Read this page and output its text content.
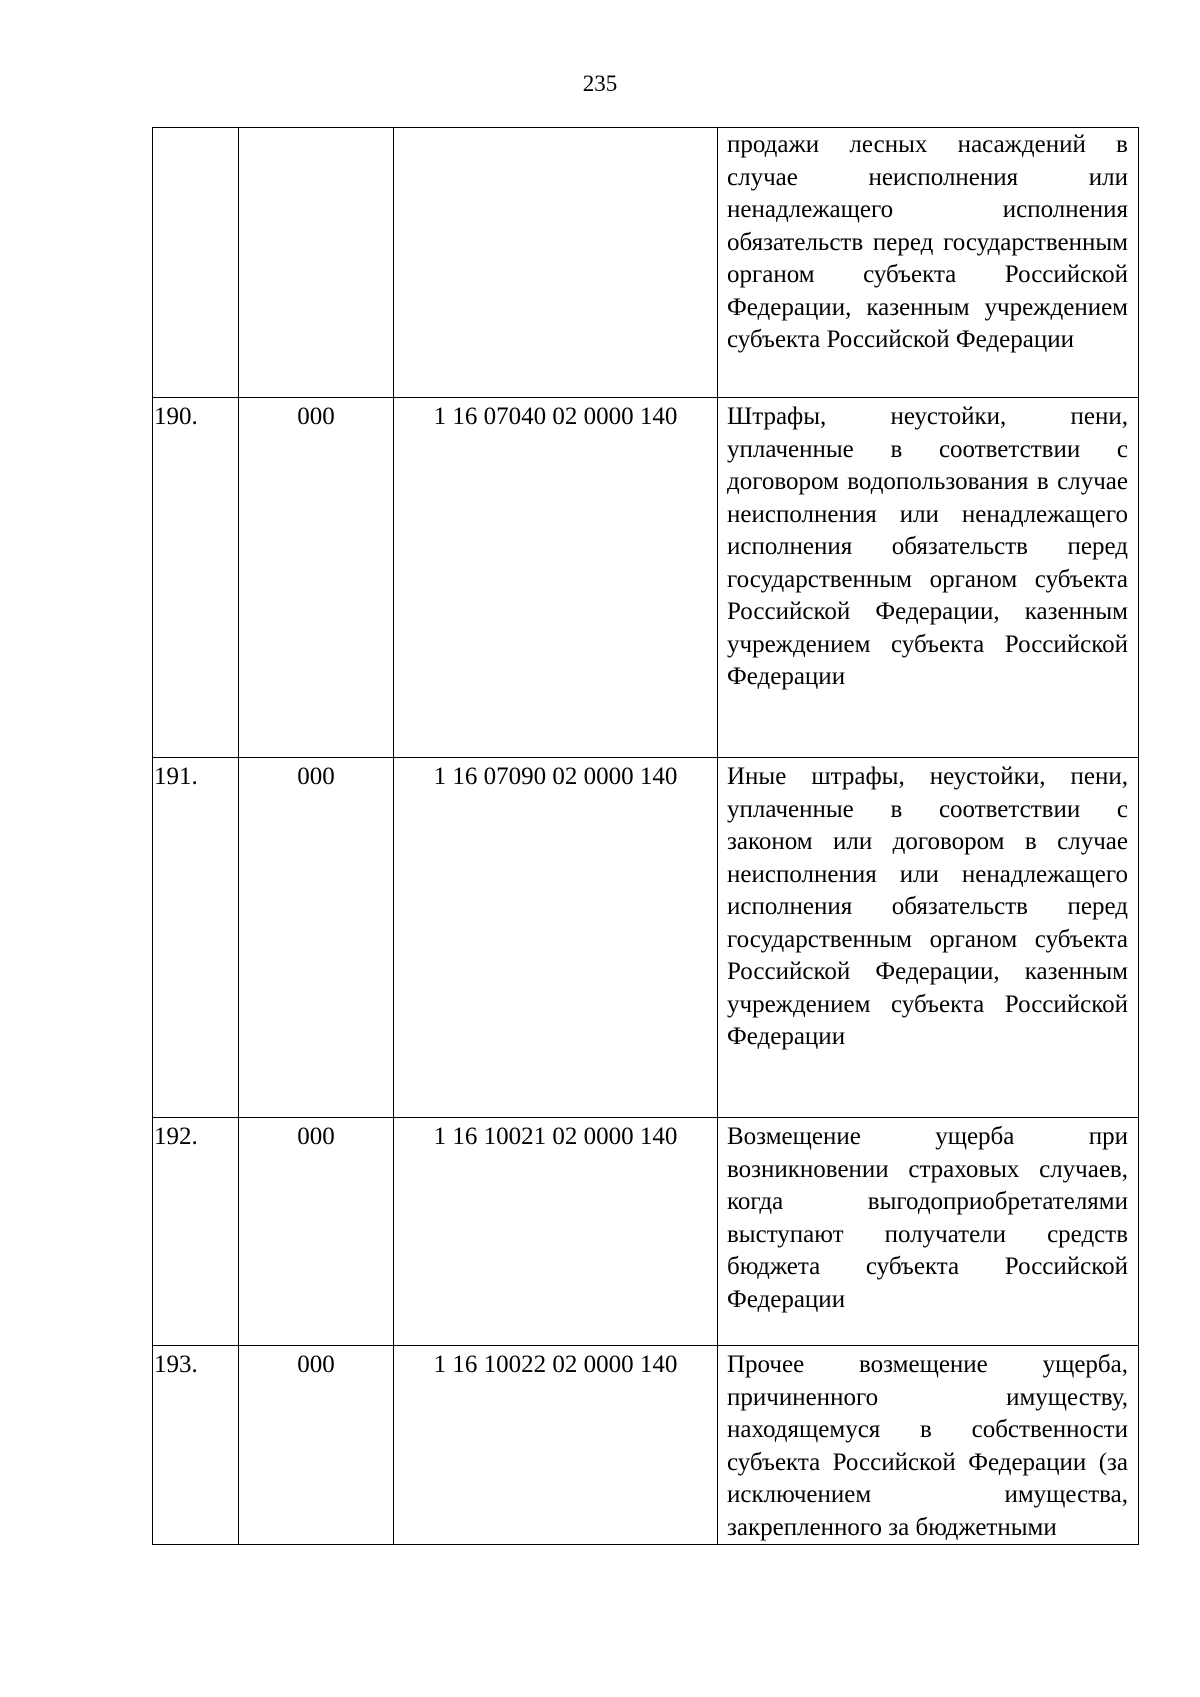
235
			продажи лесных насаждений в случае неисполнения или ненадлежащего исполнения обязательств перед государственным органом субъекта Российской Федерации, казенным учреждением субъекта Российской Федерации
190.	000	1 16 07040 02 0000 140	Штрафы, неустойки, пени, уплаченные в соответствии с договором водопользования в случае неисполнения или ненадлежащего исполнения обязательств перед государственным органом субъекта Российской Федерации, казенным учреждением субъекта Российской Федерации
191.	000	1 16 07090 02 0000 140	Иные штрафы, неустойки, пени, уплаченные в соответствии с законом или договором в случае неисполнения или ненадлежащего исполнения обязательств перед государственным органом субъекта Российской Федерации, казенным учреждением субъекта Российской Федерации
192.	000	1 16 10021 02 0000 140	Возмещение ущерба при возникновении страховых случаев, когда выгодоприобретателями выступают получатели средств бюджета субъекта Российской Федерации
193.	000	1 16 10022 02 0000 140	Прочее возмещение ущерба, причиненного имуществу, находящемуся в собственности субъекта Российской Федерации (за исключением имущества, закрепленного за бюджетными
